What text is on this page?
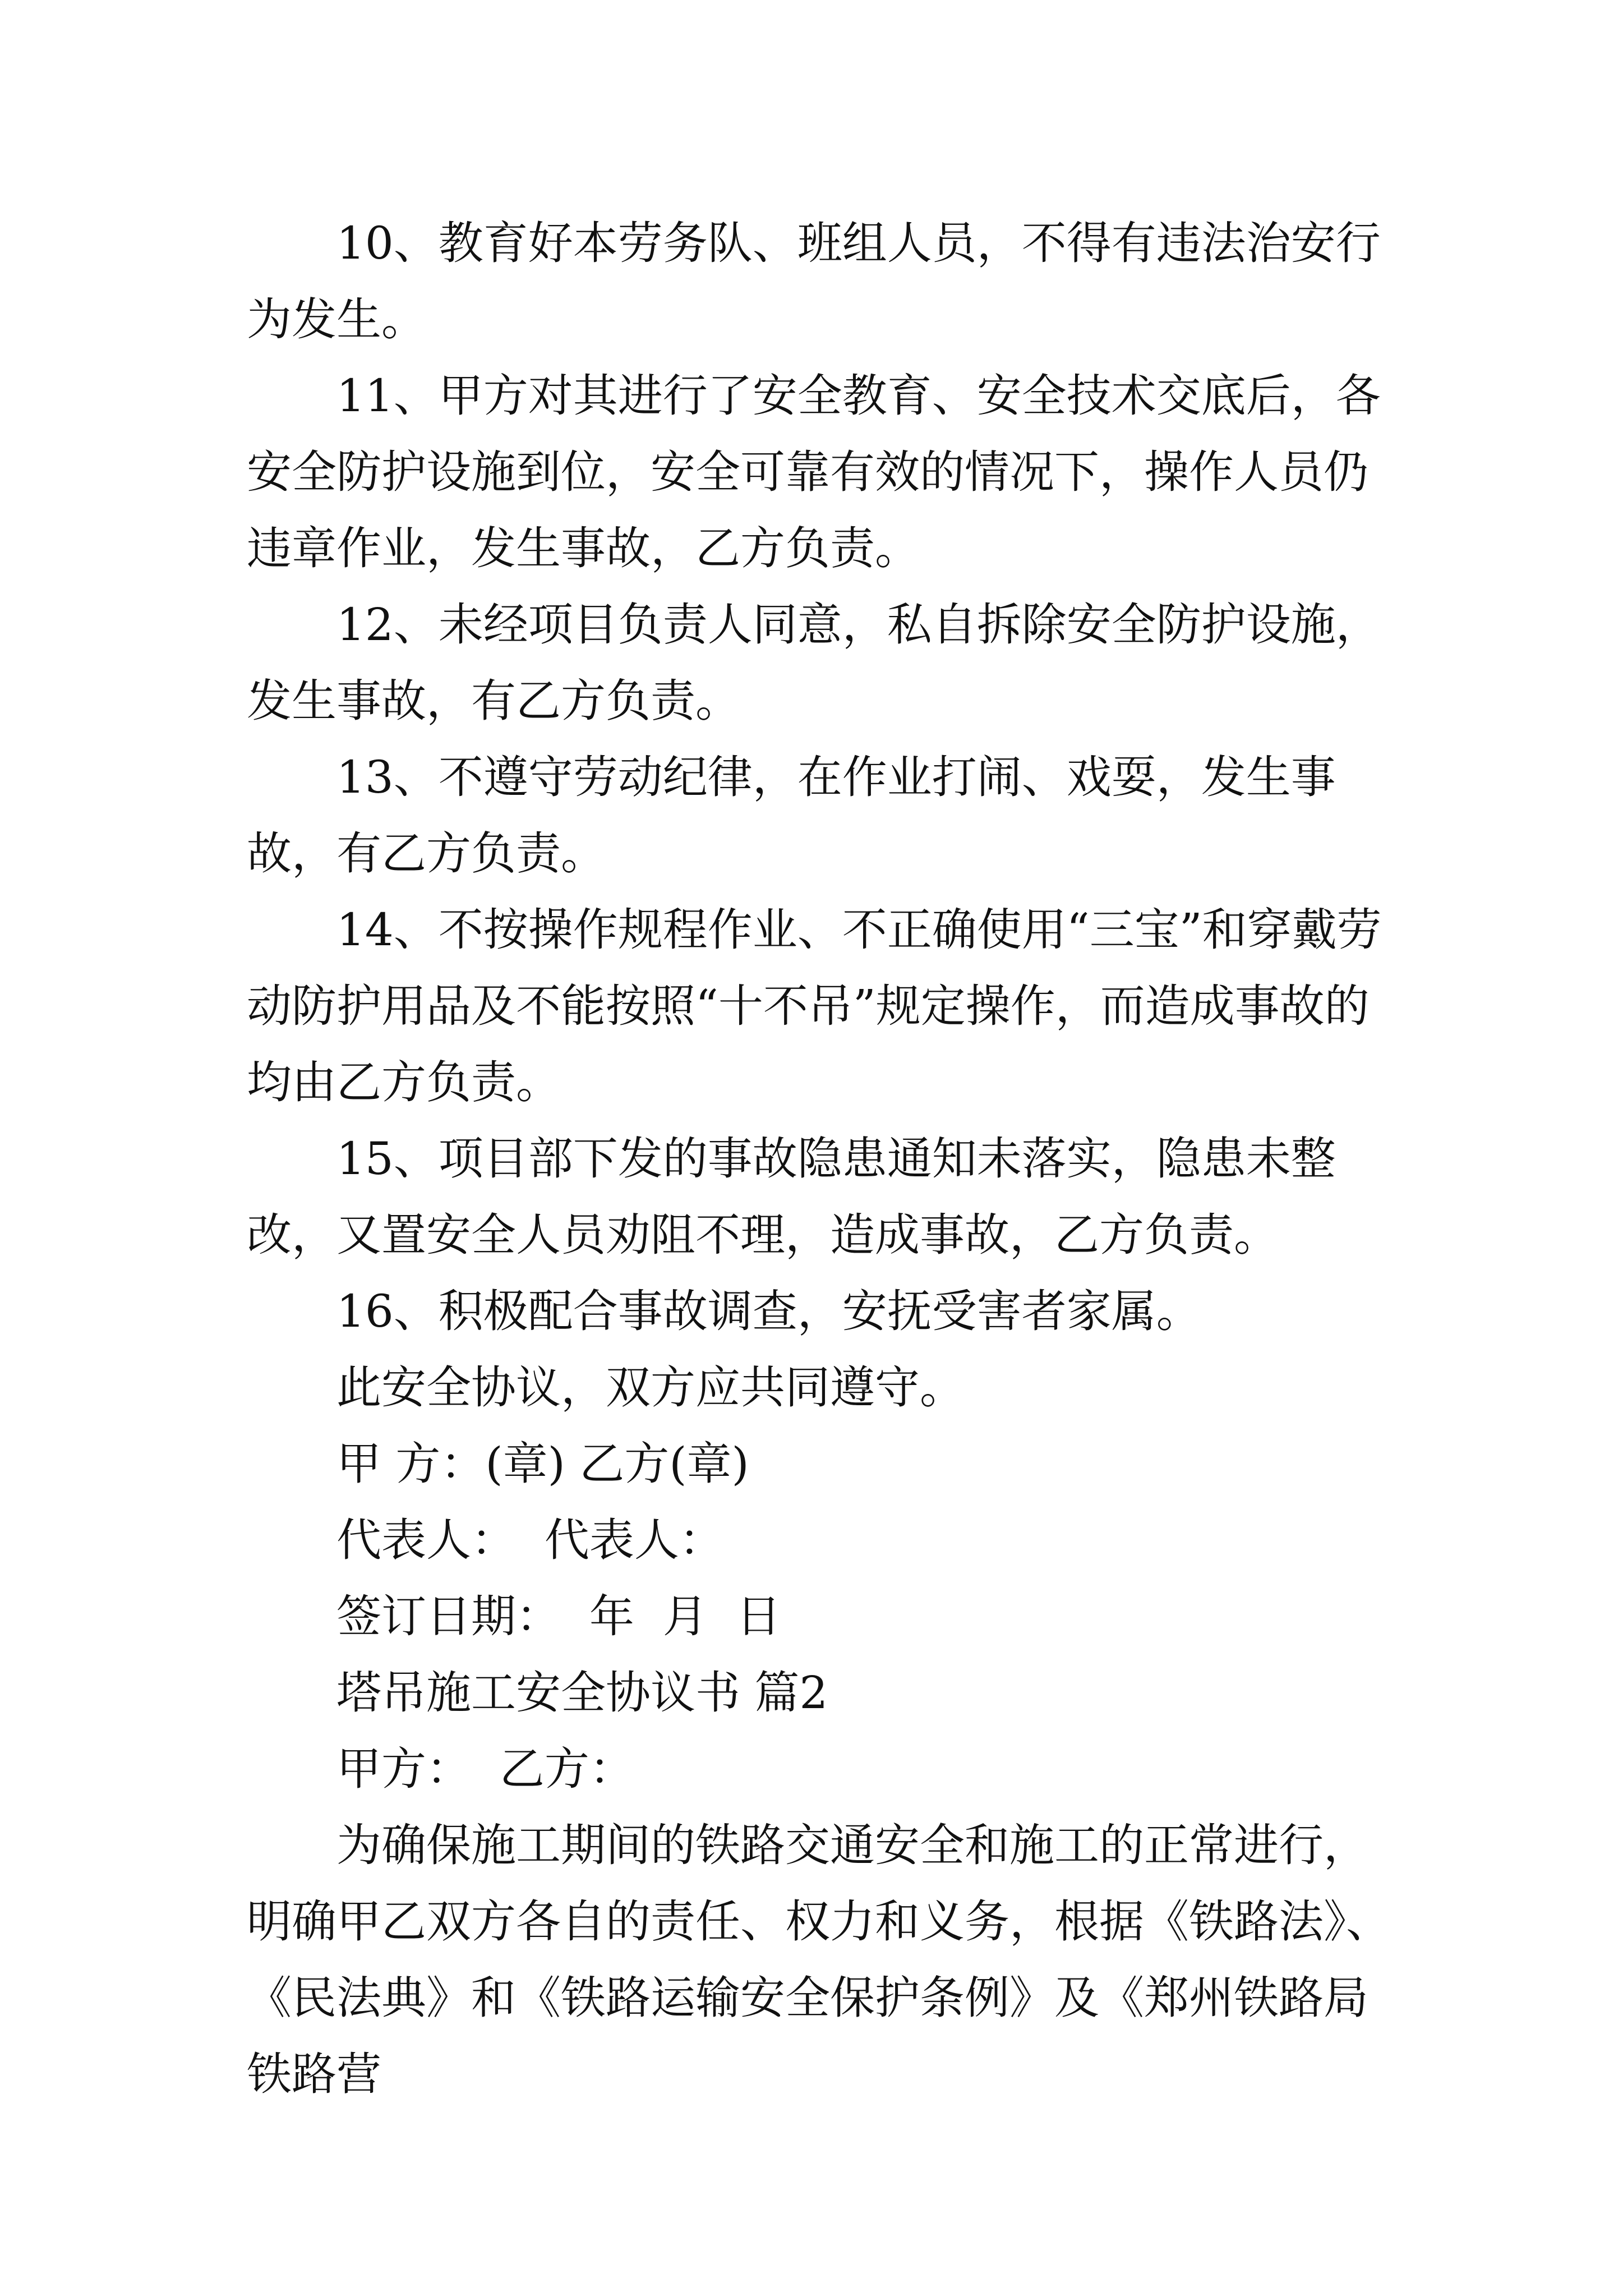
10、教育好本劳务队、班组人员，不得有违法治安行为发生。

11、甲方对其进行了安全教育、安全技术交底后，各安全防护设施到位，安全可靠有效的情况下，操作人员仍违章作业，发生事故，乙方负责。

12、未经项目负责人同意，私自拆除安全防护设施，发生事故，有乙方负责。

13、不遵守劳动纪律，在作业打闹、戏耍，发生事故，有乙方负责。

14、不按操作规程作业、不正确使用“三宝”和穿戴劳动防护用品及不能按照“十不吊”规定操作，而造成事故的均由乙方负责。

15、项目部下发的事故隐患通知未落实，隐患未整改，又置安全人员劝阻不理，造成事故，乙方负责。

16、积极配合事故调查，安抚受害者家属。

此安全协议，双方应共同遵守。

甲 方：(章) 乙方(章)

代表人：  代表人：

签订日期：  年  月  日

塔吊施工安全协议书 篇2

甲方：  乙方：

为确保施工期间的铁路交通安全和施工的正常进行，明确甲乙双方各自的责任、权力和义务，根据《铁路法》、《民法典》和《铁路运输安全保护条例》及《郑州铁路局铁路营
